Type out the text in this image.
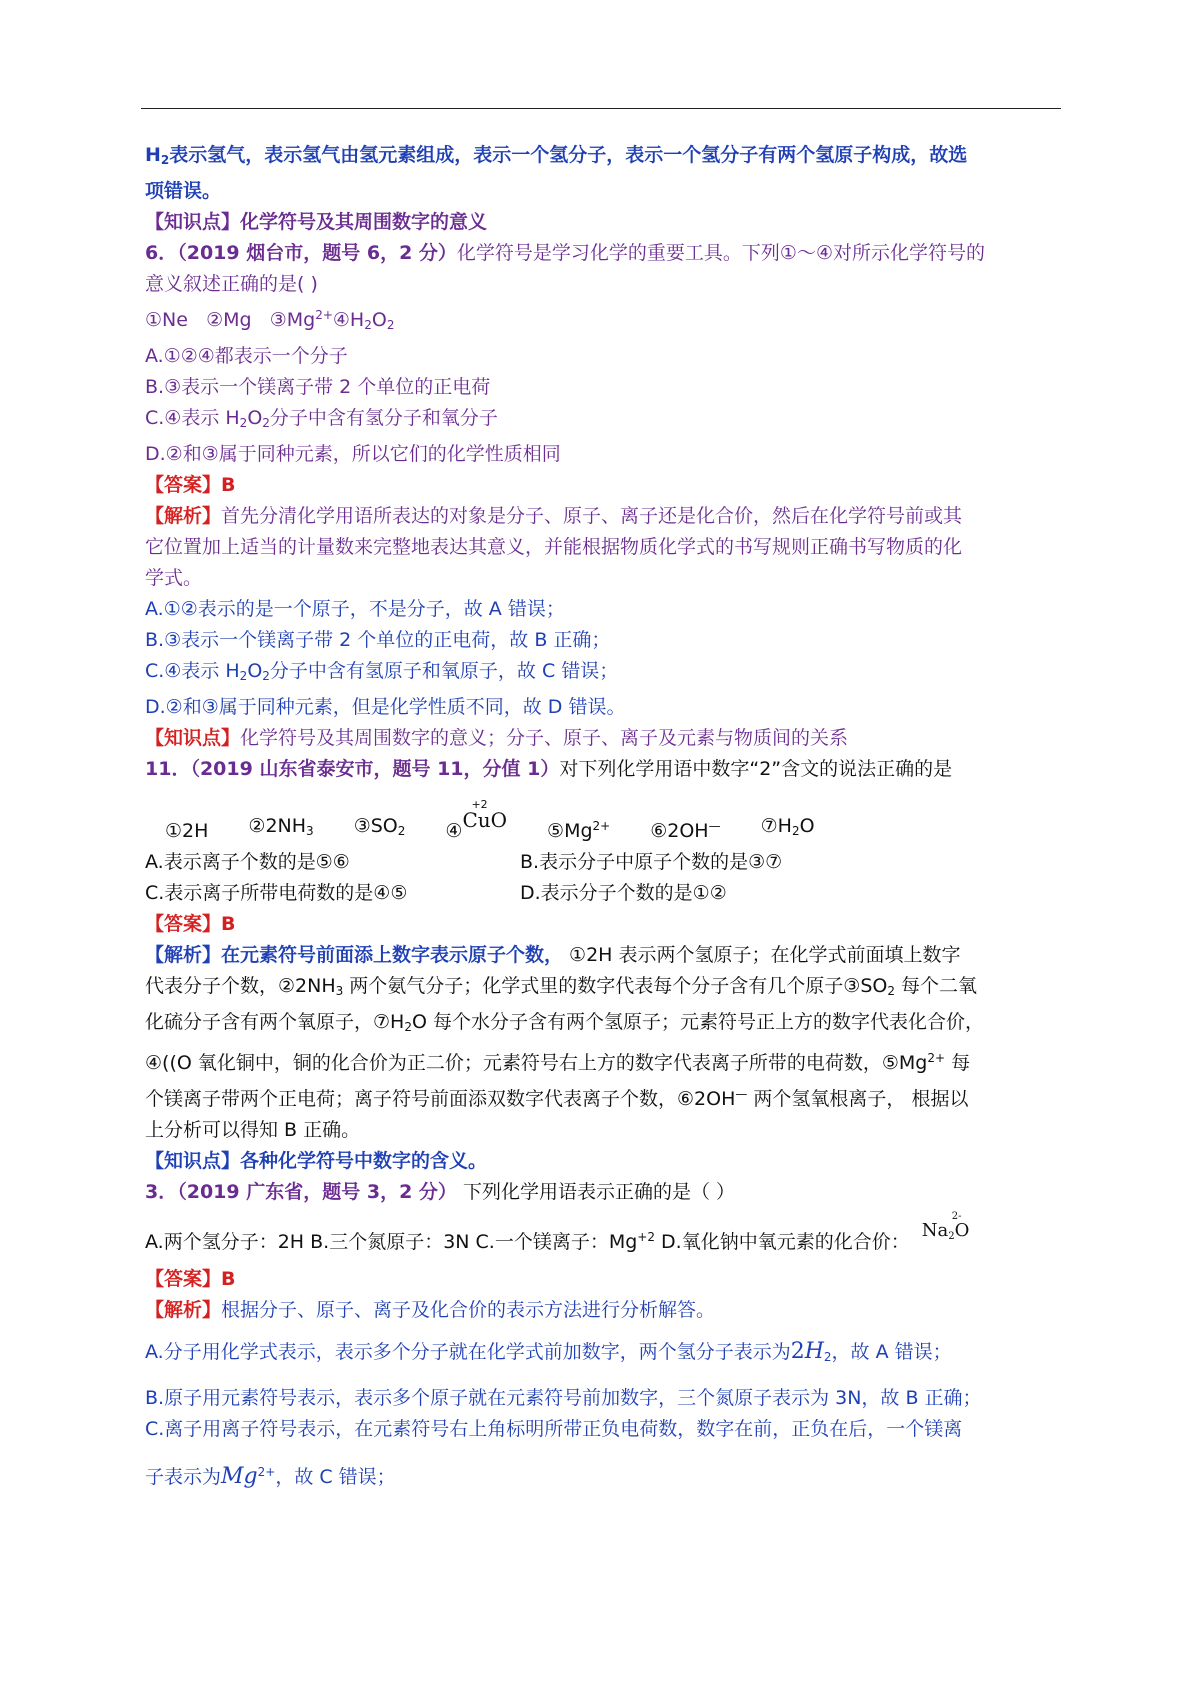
$H_2$表示氢气，表示氢气由氢元素组成，表示一个氢分子，表示一个氢分子有两个氢原子构成，故选

项错误。

【知识点】化学符号及其周围数字的意义

6．（2019 烟台市，题号 6，2 分）化学符号是学习化学的重要工具。下列①～④对所示化学符号的

意义叙述正确的是( )

①Ne ②Mg $③Mg^{2+}④H_2O_2$

A.①②④都表示一个分子

B.③表示一个镁离子带 2 个单位的正电荷

C.④表示 $H_2O_2$分子中含有氢分子和氧分子

D.②和③属于同种元素，所以它们的化学性质相同

【答案】B

【解析】首先分清化学用语所表达的对象是分子、原子、离子还是化合价，然后在化学符号前或其

它位置加上适当的计量数来完整地表达其意义，并能根据物质化学式的书写规则正确书写物质的化

学式。

A.①②表示的是一个原子，不是分子，故 A 错误；

B.③表示一个镁离子带 2 个单位的正电荷，故 B 正确；

C.④表示 $H_2O_2$分子中含有氢原子和氧原子，故 C 错误；

D.②和③属于同种元素，但是化学性质不同，故 D 错误。

【知识点】化学符号及其周围数字的意义；分子、原子、离子及元素与物质间的关系

11．（2019 山东省泰安市，题号 11，分值 1）对下列化学用语中数字“2”含文的说法正确的是

①2H $②2NH_3$ $③SO_2$ ④
+2
CuO $⑤Mg^{2+}$ ⑥2OH— $⑦H_2O$
A.表示离子个数的是⑤⑥	B.表示分子中原子个数的是③⑦
C.表示离子所带电荷数的是④⑤	D.表示分子个数的是①②

【答案】B

【解析】在元素符号前面添上数字表示原子个数， ①2H 表示两个氢原子；在化学式前面填上数字

代表分子个数，$②2NH_3$ 两个氨气分子；化学式里的数字代表每个分子含有几个原子$③SO_2$ 每个二氧

化硫分子含有两个氧原子，$⑦H_2O$ 每个水分子含有两个氢原子；元素符号正上方的数字代表化合价，

④((O 氧化铜中，铜的化合价为正二价；元素符号右上方的数字代表离子所带的电荷数，$⑤Mg^{2+}$ 每

个镁离子带两个正电荷；离子符号前面添双数字代表离子个数，⑥2OH— 两个氢氧根离子， 根据以

上分析可以得知 B 正确。

【知识点】各种化学符号中数字的含义。

3．（2019 广东省，题号 3，2 分） 下列化学用语表示正确的是（ ）

A.两个氢分子：2H B.三个氮原子：3N C.一个镁离子：$Mg^{+2}$ D.氧化钠中氧元素的化合价：
2-
$Na_2O$

【答案】B

【解析】根据分子、原子、离子及化合价的表示方法进行分析解答。

A.分子用化学式表示，表示多个分子就在化学式前加数字，两个氢分子表示为$2H_2$，故 A 错误；

B.原子用元素符号表示，表示多个原子就在元素符号前加数字，三个氮原子表示为 3N，故 B 正确；

C.离子用离子符号表示，在元素符号右上角标明所带正负电荷数，数字在前，正负在后，一个镁离

子表示为$Mg^{2+}$，故 C 错误；
